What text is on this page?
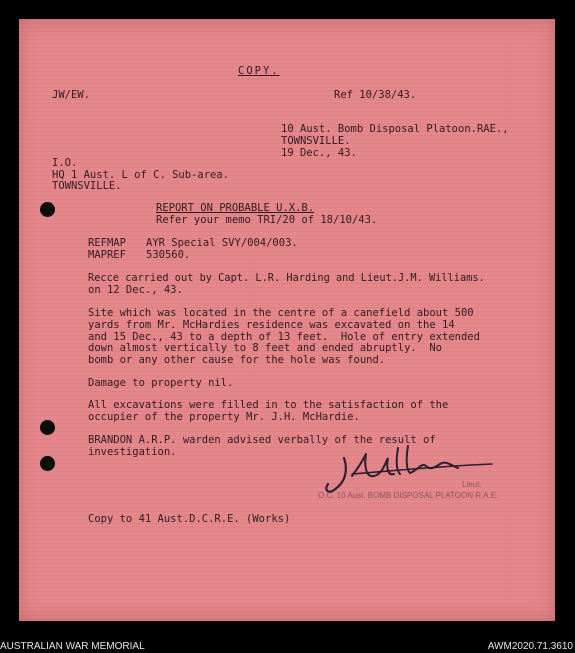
COPY.

JW/EW.	Ref 10/38/43.

10 Aust. Bomb Disposal Platoon.RAE.,

TOWNSVILLE.

19 Dec., 43.

I.O.

HQ 1 Aust. L of C. Sub-area.

TOWNSVILLE.

REPORT ON PROBABLE U.X.B.

Refer your memo TRI/20 of 18/10/43.

REFMAP AYR Special SVY/004/003.

MAPREF 530560.

Recce carried out by Capt. L.R. Harding and Lieut.J.M. Williams.

on 12 Dec., 43.

Site which was located in the centre of a canefield about 500

yards from Mr. McHardies residence was excavated on the 14

and 15 Dec., 43 to a depth of 13 feet.  Hole of entry extended

down almost vertically to 8 feet and ended abruptly.  No

bomb or any other cause for the hole was found.

Damage to property nil.

All excavations were filled in to the satisfaction of the

occupier of the property Mr. J.H. McHardie.

BRANDON A.R.P. warden advised verbally of the result of

investigation.

Lieut.

O.C. 10 Aust. BOMB DISPOSAL PLATOON R.A.E.

Copy to 41 Aust.D.C.R.E. (Works)

AUSTRALIAN WAR MEMORIAL	AWM2020.71.3610
